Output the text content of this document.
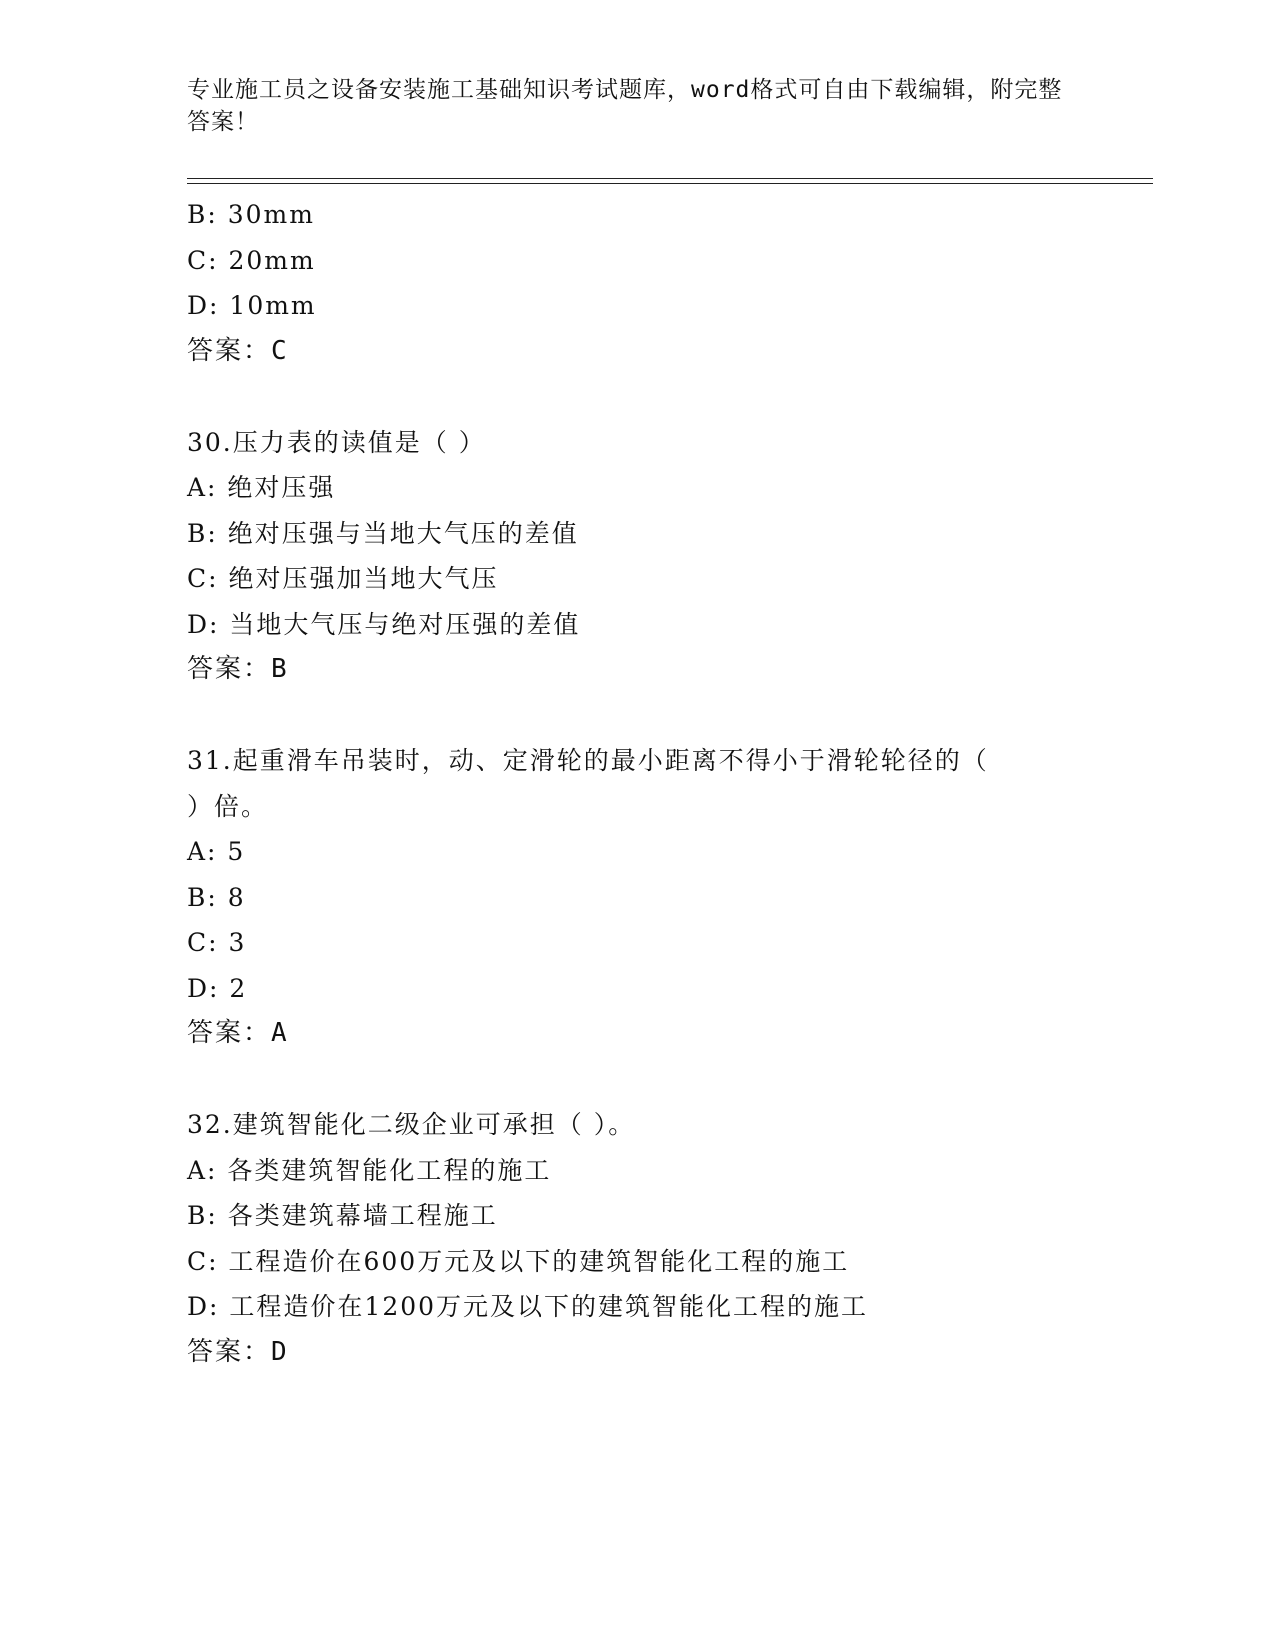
专业施工员之设备安装施工基础知识考试题库，word格式可自由下载编辑，附完整答案！

B: 30mm
C: 20mm
D: 10mm
答案：C
30.压力表的读值是（ ）
A: 绝对压强
B: 绝对压强与当地大气压的差值
C: 绝对压强加当地大气压
D: 当地大气压与绝对压强的差值
答案：B
31.起重滑车吊装时，动、定滑轮的最小距离不得小于滑轮轮径的（
）倍。
A: 5
B: 8
C: 3
D: 2
答案：A
32.建筑智能化二级企业可承担（ ）。
A: 各类建筑智能化工程的施工
B: 各类建筑幕墙工程施工
C: 工程造价在600万元及以下的建筑智能化工程的施工
D: 工程造价在1200万元及以下的建筑智能化工程的施工
答案：D
